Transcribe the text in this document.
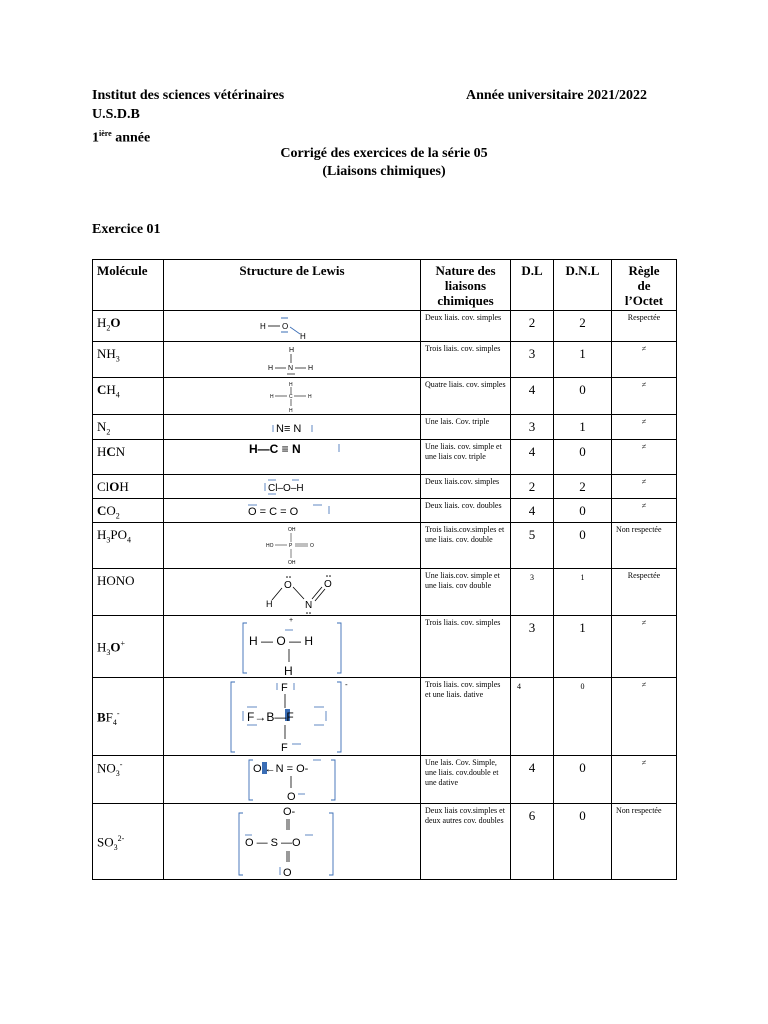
Institut des sciences vétérinaires	Année universitaire 2021/2022
U.S.D.B
$1^{ière}$ année
Corrigé des exercices de la série 05
(Liaisons chimiques)
Exercice 01
Molécule	Structure de Lewis	Nature des
liaisons
chimiques	D.L	D.N.L	Règle
de
l’Octet
$H_2O$	H O
H	Deux liais. cov. simples	2	2	Respectée
$NH_3$	H
H N H	Trois liais. cov. simples	3	1	≠
$CH_4$	H
H C H
H	Quatre liais. cov. simples	4	0	≠
$N_2$	N≡ N	Une lais. Cov. triple	3	1	≠
HCN	H—C ≡ N	Une liais. cov. simple et une liais cov. triple	4	0	≠
ClOH	Cl–O–H	Deux liais.cov. simples	2	2	≠
$CO_2$	O = C = O	Deux liais. cov. doubles	4	0	≠
$H_3PO_4$	OH
HO P O
OH	Trois liais.cov.simples et une liais. cov. double	5	0	Non respectée
HONO	H
O
N
O	Une liais.cov. simple et une liais. cov double	3	1	Respectée
$H_3O^+$	+
H — O — H
H	Trois liais. cov. simples	3	1	≠
$BF_4^-$	-
F
F→B—F
F	Trois liais. cov. simples et une liais. dative	4	0	≠
$NO_3^-$	O ←N = O-
O	Une lais. Cov. Simple, une liais. cov.double et une dative	4	0	≠
$SO_3^{2-}$	O-
O — S —O
O	Deux liais cov.simples et deux autres cov. doubles	6	0	Non respectée
